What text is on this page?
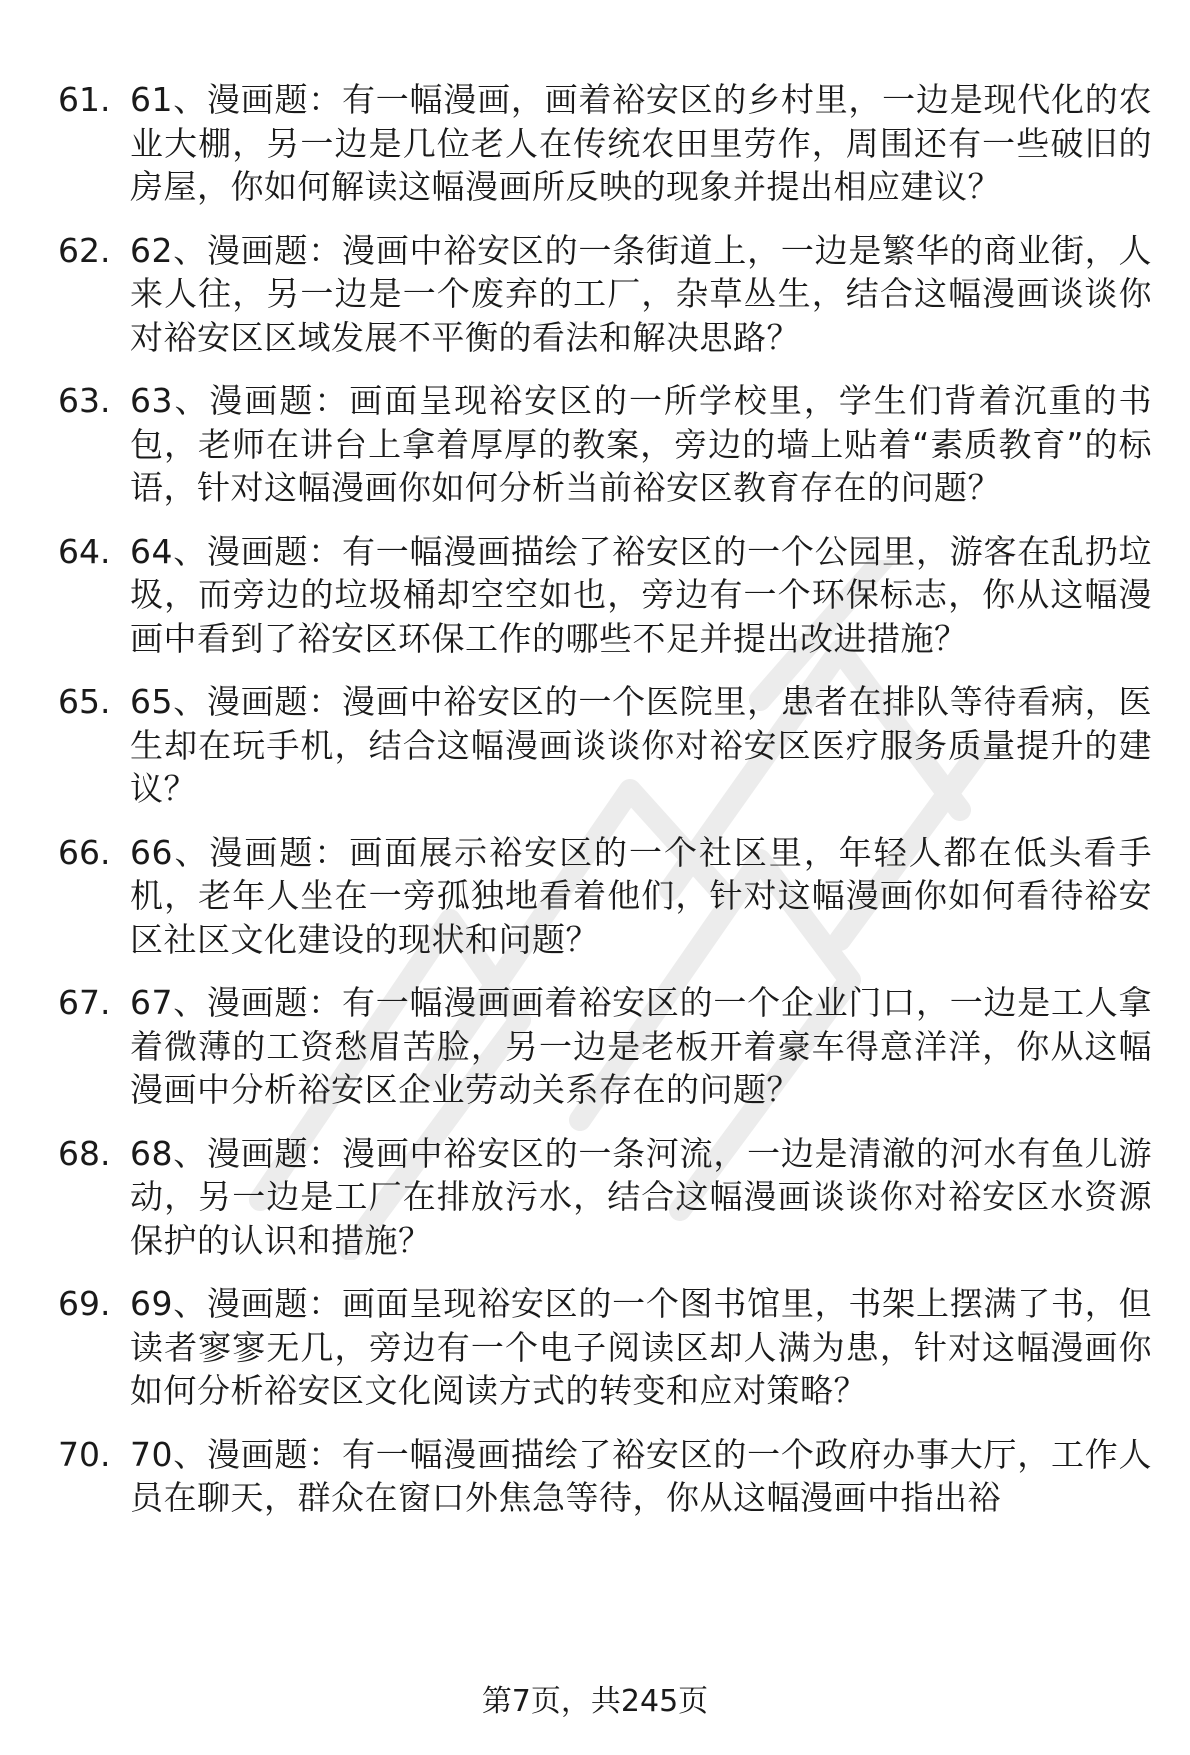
61. 61、漫画题：有一幅漫画，画着裕安区的乡村里，一边是现代化的农业大棚，另一边是几位老人在传统农田里劳作，周围还有一些破旧的房屋，你如何解读这幅漫画所反映的现象并提出相应建议？
62. 62、漫画题：漫画中裕安区的一条街道上，一边是繁华的商业街，人来人往，另一边是一个废弃的工厂，杂草丛生，结合这幅漫画谈谈你对裕安区区域发展不平衡的看法和解决思路？
63. 63、漫画题：画面呈现裕安区的一所学校里，学生们背着沉重的书包，老师在讲台上拿着厚厚的教案，旁边的墙上贴着“素质教育”的标语，针对这幅漫画你如何分析当前裕安区教育存在的问题？
64. 64、漫画题：有一幅漫画描绘了裕安区的一个公园里，游客在乱扔垃圾，而旁边的垃圾桶却空空如也，旁边有一个环保标志，你从这幅漫画中看到了裕安区环保工作的哪些不足并提出改进措施？
65. 65、漫画题：漫画中裕安区的一个医院里，患者在排队等待看病，医生却在玩手机，结合这幅漫画谈谈你对裕安区医疗服务质量提升的建议？
66. 66、漫画题：画面展示裕安区的一个社区里，年轻人都在低头看手机，老年人坐在一旁孤独地看着他们，针对这幅漫画你如何看待裕安区社区文化建设的现状和问题？
67. 67、漫画题：有一幅漫画画着裕安区的一个企业门口，一边是工人拿着微薄的工资愁眉苦脸，另一边是老板开着豪车得意洋洋，你从这幅漫画中分析裕安区企业劳动关系存在的问题？
68. 68、漫画题：漫画中裕安区的一条河流，一边是清澈的河水有鱼儿游动，另一边是工厂在排放污水，结合这幅漫画谈谈你对裕安区水资源保护的认识和措施？
69. 69、漫画题：画面呈现裕安区的一个图书馆里，书架上摆满了书，但读者寥寥无几，旁边有一个电子阅读区却人满为患，针对这幅漫画你如何分析裕安区文化阅读方式的转变和应对策略？
70. 70、漫画题：有一幅漫画描绘了裕安区的一个政府办事大厅，工作人员在聊天，群众在窗口外焦急等待，你从这幅漫画中指出裕
第7页，共245页
